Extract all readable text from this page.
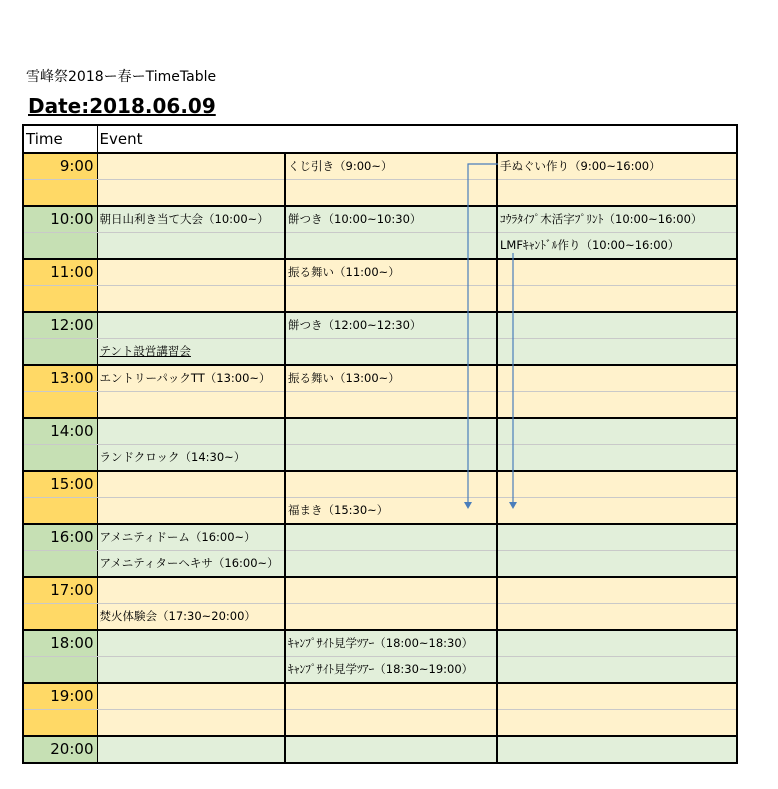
雪峰祭2018ー春ーTimeTable
Date:2018.06.09
Time	Event		
9:00		くじ引き（9:00~）	手ぬぐい作り（9:00~16:00）

10:00	朝日山利き当て大会（10:00~）	餅つき（10:00~10:30）	ｺｳﾗﾀｲﾌﾟ木活字ﾌﾟﾘﾝﾄ（10:00~16:00）
			LMFｷｬﾝﾄﾞﾙ作り（10:00~16:00）
11:00		振る舞い（11:00~）	

12:00		餅つき（12:00~12:30）	
	テント設営講習会		
13:00	エントリーパックTT（13:00~）	振る舞い（13:00~）	

14:00			
	ランドクロック（14:30~）		
15:00			
		福まき（15:30~）	
16:00	アメニティドーム（16:00~）		
	アメニティターヘキサ（16:00~）		
17:00			
	焚火体験会（17:30~20:00）		
18:00		ｷｬﾝﾌﾟｻｲﾄ見学ﾂｱｰ（18:00~18:30）	
		ｷｬﾝﾌﾟｻｲﾄ見学ﾂｱｰ（18:30~19:00）	
19:00			

20:00			
